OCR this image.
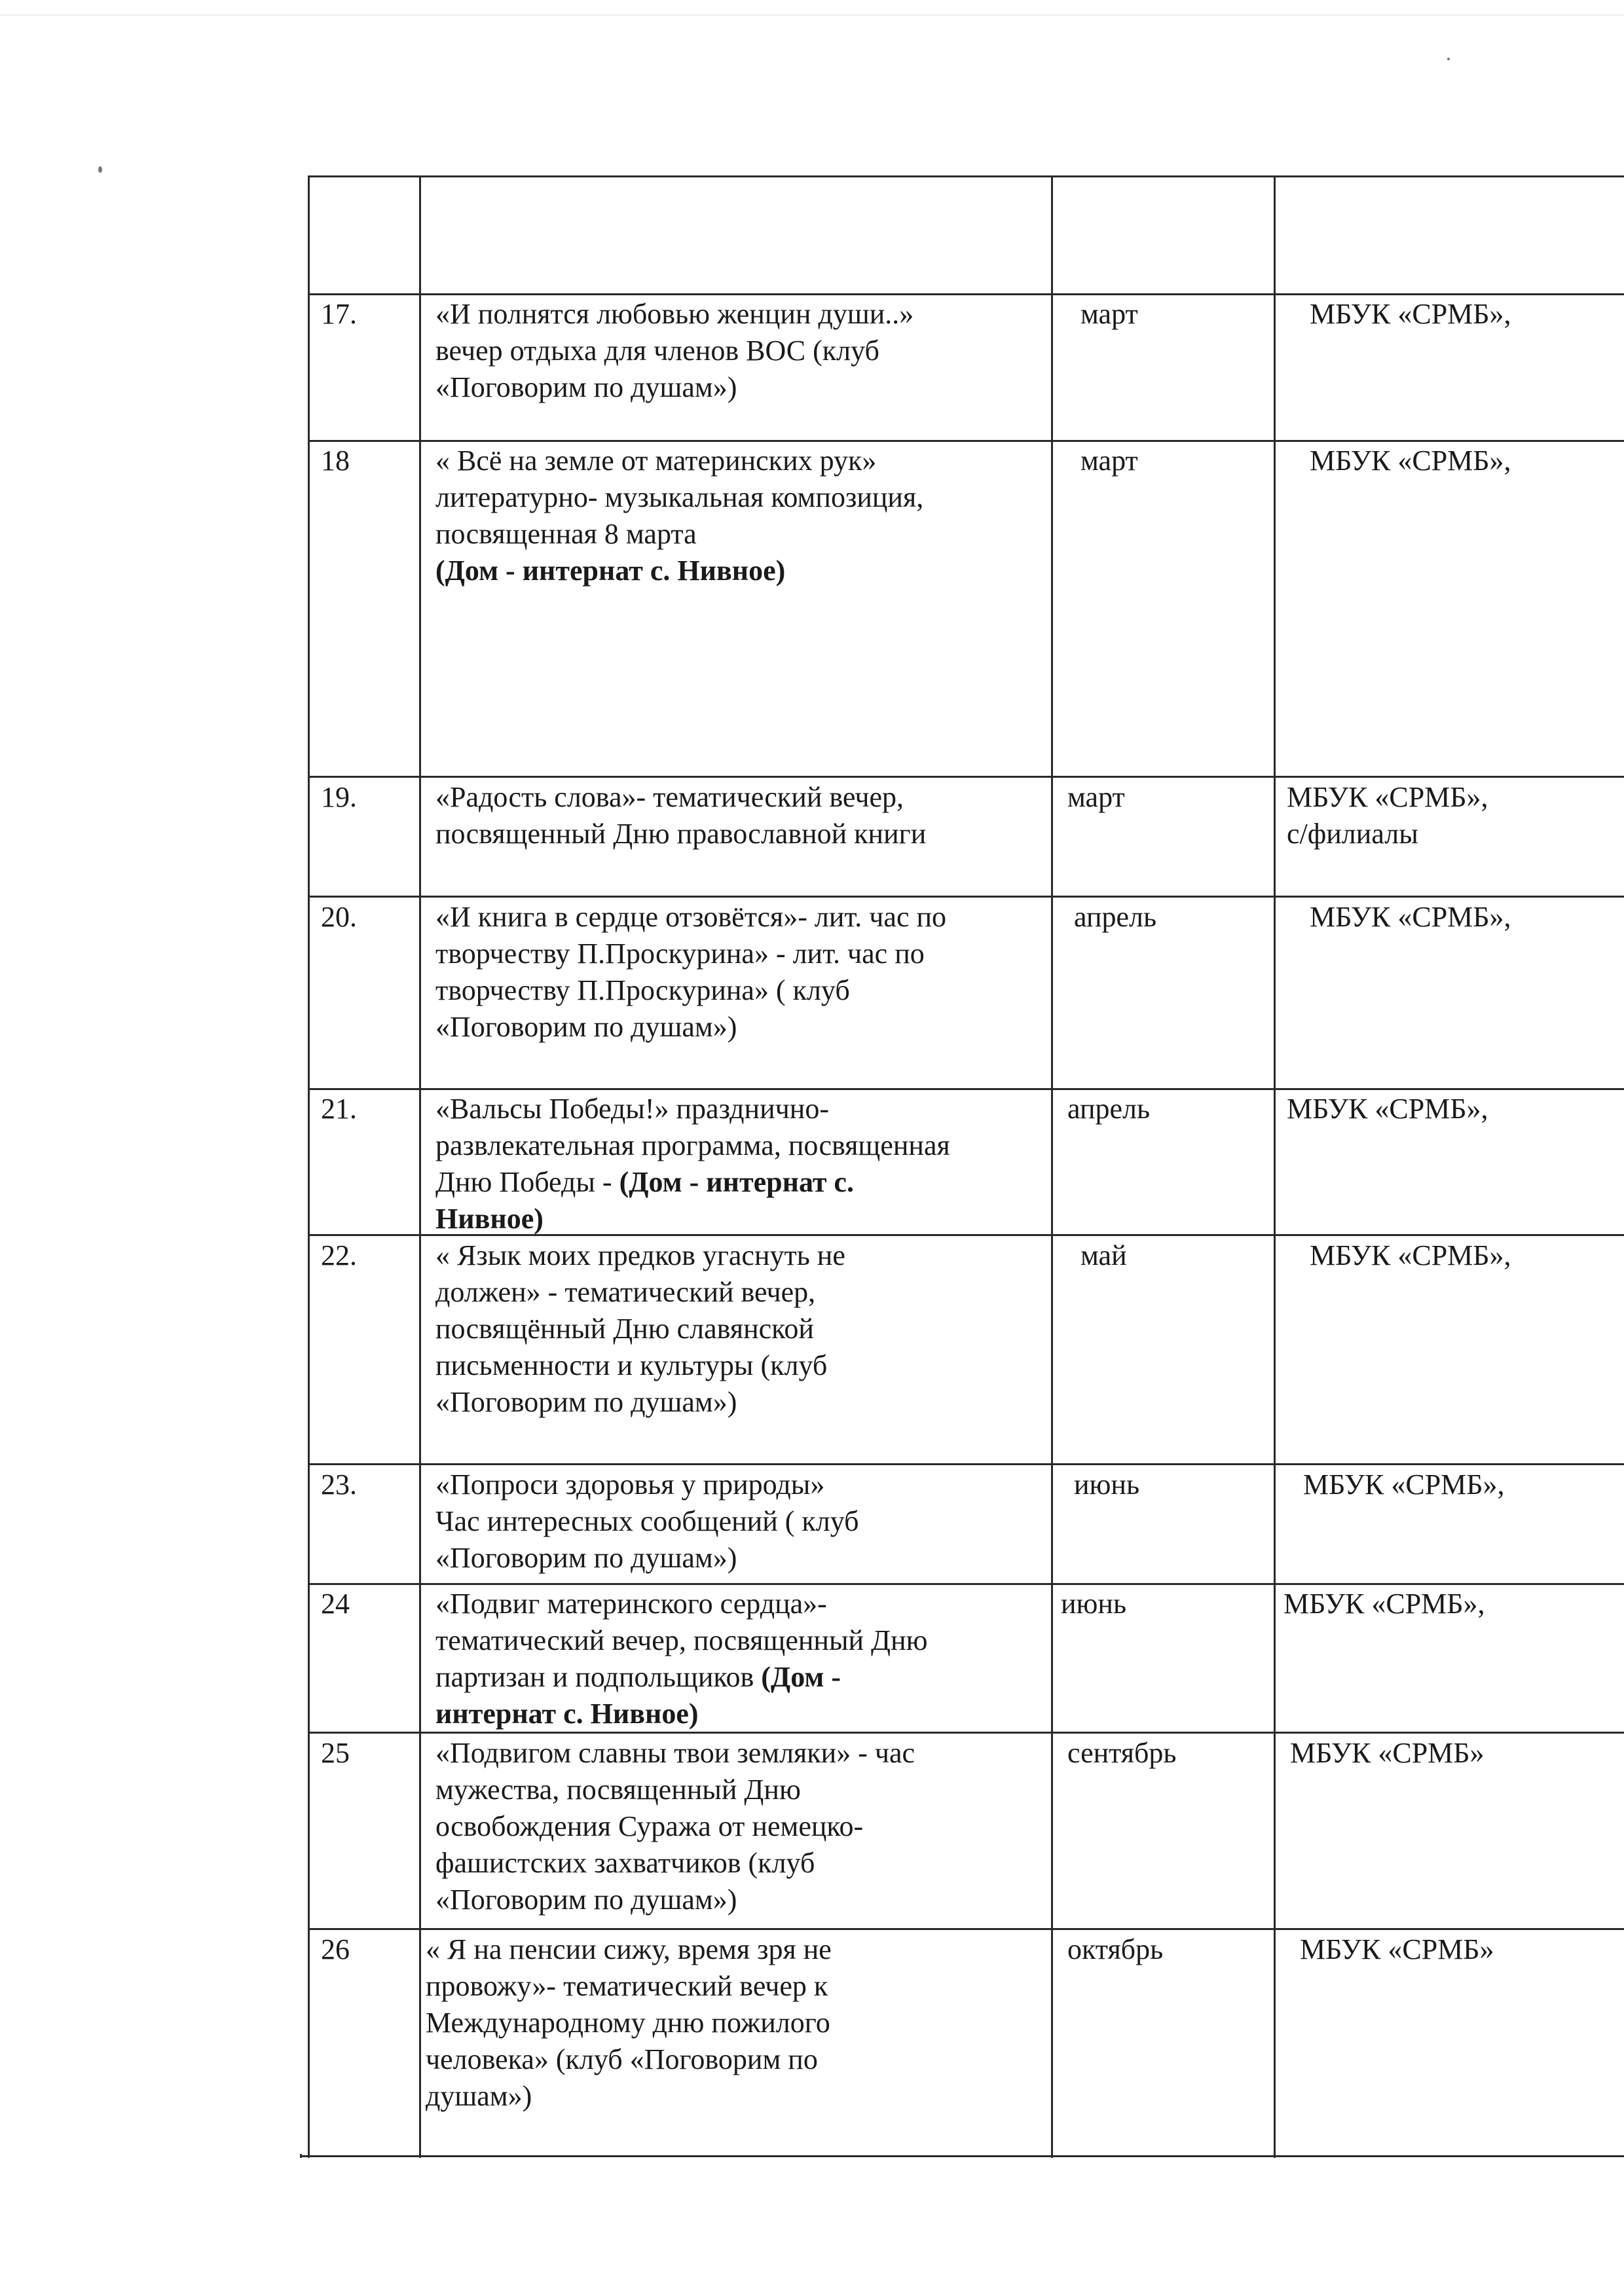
17.	«И полнятся любовью женцин души..»
вечер отдыха для членов ВОС (клуб
«Поговорим по душам»)
март	МБУК «СРМБ»,
18	« Всё на земле от материнских рук»
литературно- музыкальная композиция,
посвященная 8 марта
(Дом - интернат с. Нивное)
март	МБУК «СРМБ»,
19.	«Радость слова»- тематический вечер,
посвященный Дню православной книги
март	МБУК «СРМБ»,
с/филиалы
20.	«И книга в сердце отзовётся»- лит. час по
творчеству П.Проскурина» - лит. час по
творчеству П.Проскурина» ( клуб
«Поговорим по душам»)
апрель	МБУК «СРМБ»,
21.	«Вальсы Победы!» празднично-
развлекательная программа, посвященная
Дню Победы - (Дом - интернат с.
Нивное)
апрель	МБУК «СРМБ»,
22.	« Язык моих предков угаснуть не
должен» - тематический вечер,
посвящённый Дню славянской
письменности и культуры (клуб
«Поговорим по душам»)
май	МБУК «СРМБ»,
23.	«Попроси здоровья у природы»
Час интересных сообщений ( клуб
«Поговорим по душам»)
июнь	МБУК «СРМБ»,
24	«Подвиг материнского сердца»-
тематический вечер, посвященный Дню
партизан и подпольщиков (Дом -
интернат с. Нивное)
июнь	МБУК «СРМБ»,
25	«Подвигом славны твои земляки» - час
мужества, посвященный Дню
освобождения Суража от немецко-
фашистских захватчиков (клуб
«Поговорим по душам»)
сентябрь	МБУК «СРМБ»
26	« Я на пенсии сижу, время зря не
провожу»- тематический вечер к
Международному дню пожилого
человека» (клуб «Поговорим по
душам»)
октябрь	МБУК «СРМБ»
